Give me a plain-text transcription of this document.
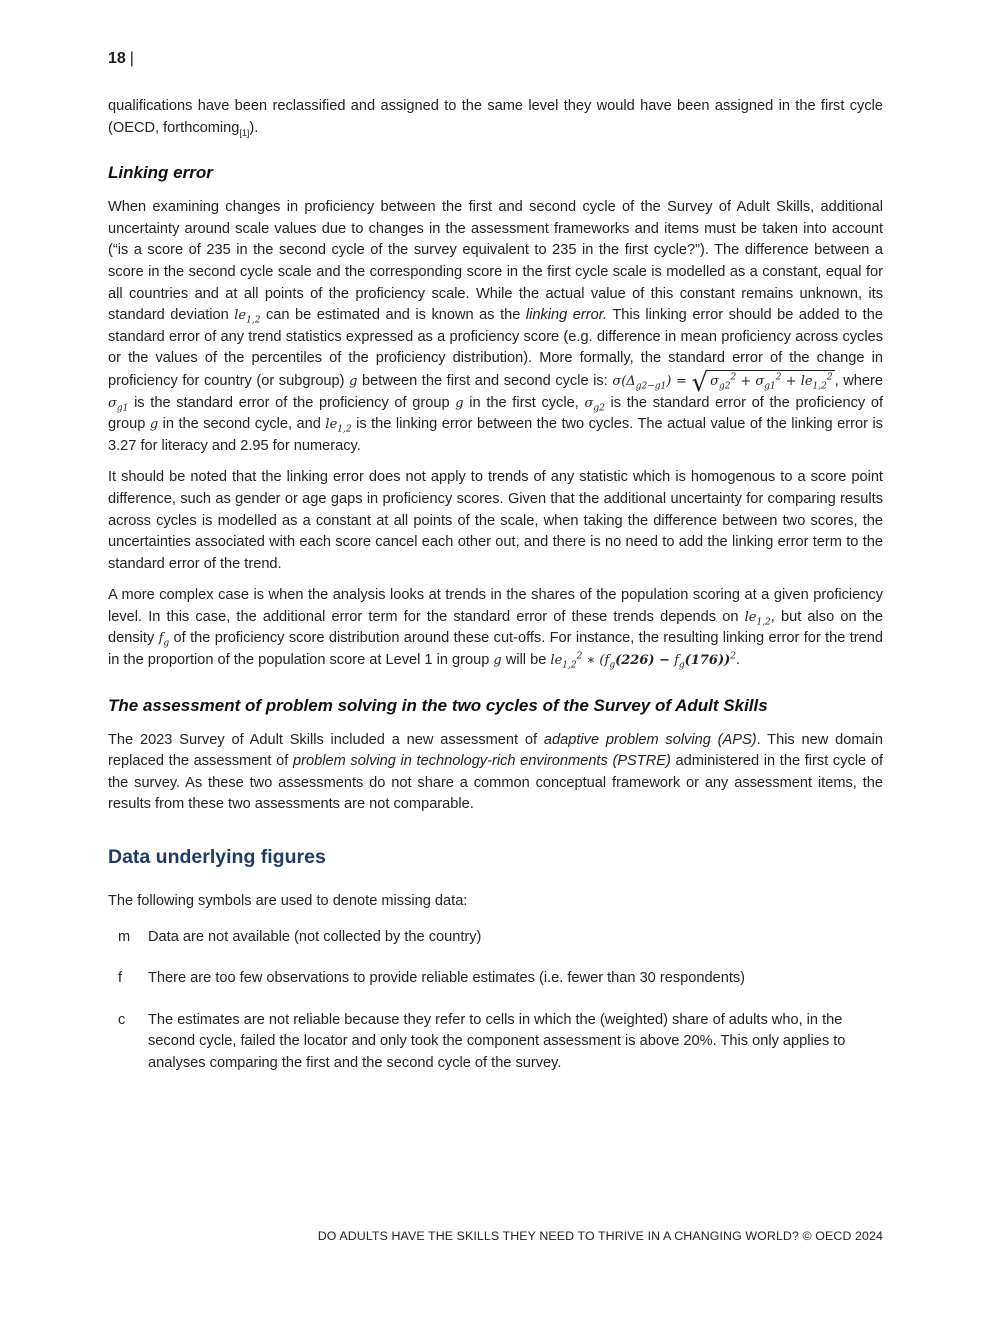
18 |

qualifications have been reclassified and assigned to the same level they would have been assigned in the first cycle (OECD, forthcoming$_{[1]}$).

Linking error

When examining changes in proficiency between the first and second cycle of the Survey of Adult Skills, additional uncertainty around scale values due to changes in the assessment frameworks and items must be taken into account (“is a score of 235 in the second cycle of the survey equivalent to 235 in the first cycle?”). The difference between a score in the second cycle scale and the corresponding score in the first cycle scale is modelled as a constant, equal for all countries and at all points of the proficiency scale. While the actual value of this constant remains unknown, its standard deviation $le_{1,2}$ can be estimated and is known as the linking error. This linking error should be added to the standard error of any trend statistics expressed as a proficiency score (e.g. difference in mean proficiency across cycles or the values of the percentiles of the proficiency distribution). More formally, the standard error of the change in proficiency for country (or subgroup) g between the first and second cycle is: $\sigma(\Delta_{g2-g1})$ = √ $\sigma_{g2}^2 + \sigma_{g1}^2 + le_{1,2}^2$ , where $\sigma_{g1}$ is the standard error of the proficiency of group g in the first cycle, $\sigma_{g2}$ is the standard error of the proficiency of group g in the second cycle, and $le_{1,2}$ is the linking error between the two cycles. The actual value of the linking error is 3.27 for literacy and 2.95 for numeracy.

It should be noted that the linking error does not apply to trends of any statistic which is homogenous to a score point difference, such as gender or age gaps in proficiency scores. Given that the additional uncertainty for comparing results across cycles is modelled as a constant at all points of the scale, when taking the difference between two scores, the uncertainties associated with each score cancel each other out, and there is no need to add the linking error term to the standard error of the trend.

A more complex case is when the analysis looks at trends in the shares of the population scoring at a given proficiency level. In this case, the additional error term for the standard error of these trends depends on $le_{1,2}$, but also on the density $f_g$ of the proficiency score distribution around these cut-offs. For instance, the resulting linking error for the trend in the proportion of the population score at Level 1 in group g will be $le_{1,2}^2$ ∗ $(f_g(226) - f_g(176))^2$.

The assessment of problem solving in the two cycles of the Survey of Adult Skills

The 2023 Survey of Adult Skills included a new assessment of adaptive problem solving (APS). This new domain replaced the assessment of problem solving in technology-rich environments (PSTRE) administered in the first cycle of the survey. As these two assessments do not share a common conceptual framework or any assessment items, the results from these two assessments are not comparable.

Data underlying figures

The following symbols are used to denote missing data:

m	Data are not available (not collected by the country)
f	There are too few observations to provide reliable estimates (i.e. fewer than 30 respondents)
c	The estimates are not reliable because they refer to cells in which the (weighted) share of adults who, in the second cycle, failed the locator and only took the component assessment is above 20%. This only applies to analyses comparing the first and the second cycle of the survey.
DO ADULTS HAVE THE SKILLS THEY NEED TO THRIVE IN A CHANGING WORLD? © OECD 2024
